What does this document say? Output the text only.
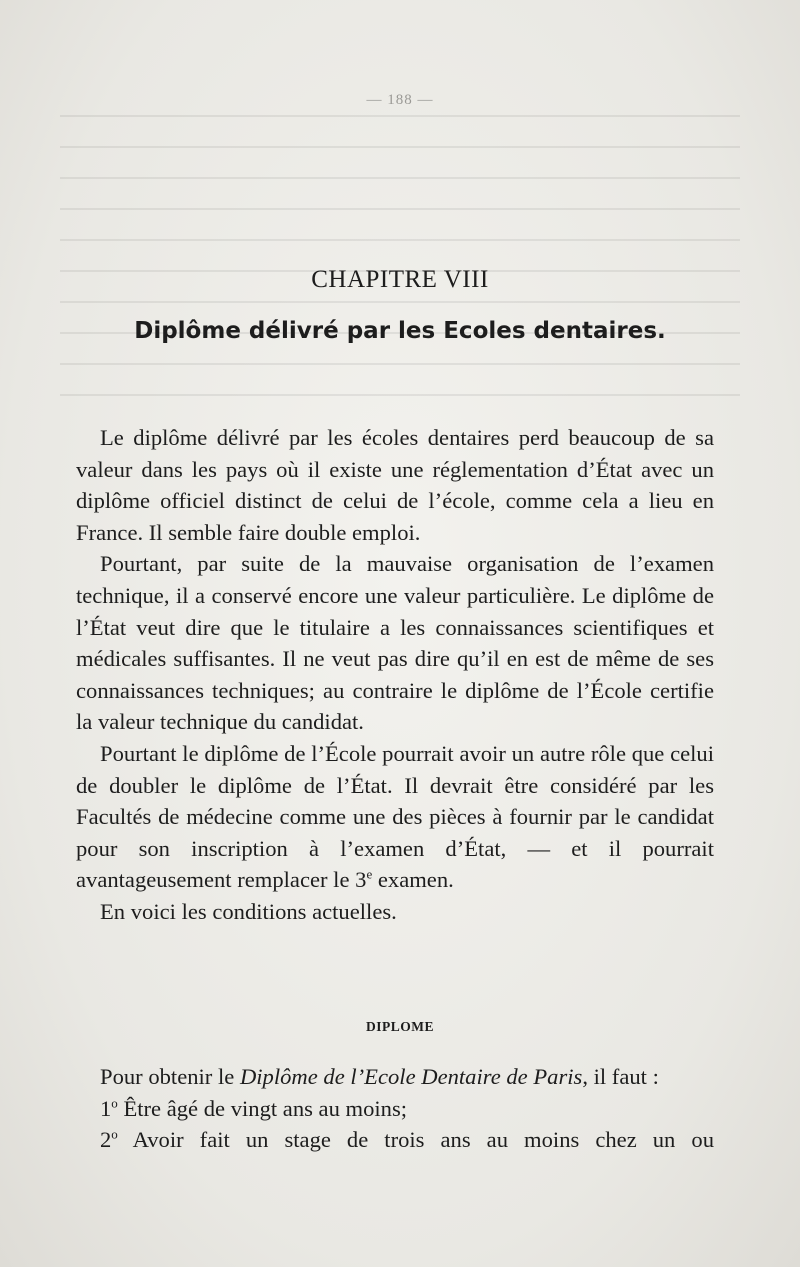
— 188 —
CHAPITRE VIII
Diplôme délivré par les Ecoles dentaires.

Le diplôme délivré par les écoles dentaires perd beaucoup de sa valeur dans les pays où il existe une réglementation d’État avec un diplôme officiel distinct de celui de l’école, comme cela a lieu en France. Il semble faire double emploi.

Pourtant, par suite de la mauvaise organisation de l’examen technique, il a conservé encore une valeur particulière. Le diplôme de l’État veut dire que le titulaire a les connaissances scientifiques et médicales suffisantes. Il ne veut pas dire qu’il en est de même de ses connaissances techniques; au contraire le diplôme de l’École certifie la valeur technique du candidat.

Pourtant le diplôme de l’École pourrait avoir un autre rôle que celui de doubler le diplôme de l’État. Il devrait être considéré par les Facultés de médecine comme une des pièces à fournir par le candidat pour son inscription à l’examen d’État, — et il pourrait avantageusement remplacer le 3e examen.

En voici les conditions actuelles.

DIPLOME

Pour obtenir le Diplôme de l’Ecole Dentaire de Paris, il faut :

1$^o$ Être âgé de vingt ans au moins;

2$^o$ Avoir fait un stage de trois ans au moins chez un ou
